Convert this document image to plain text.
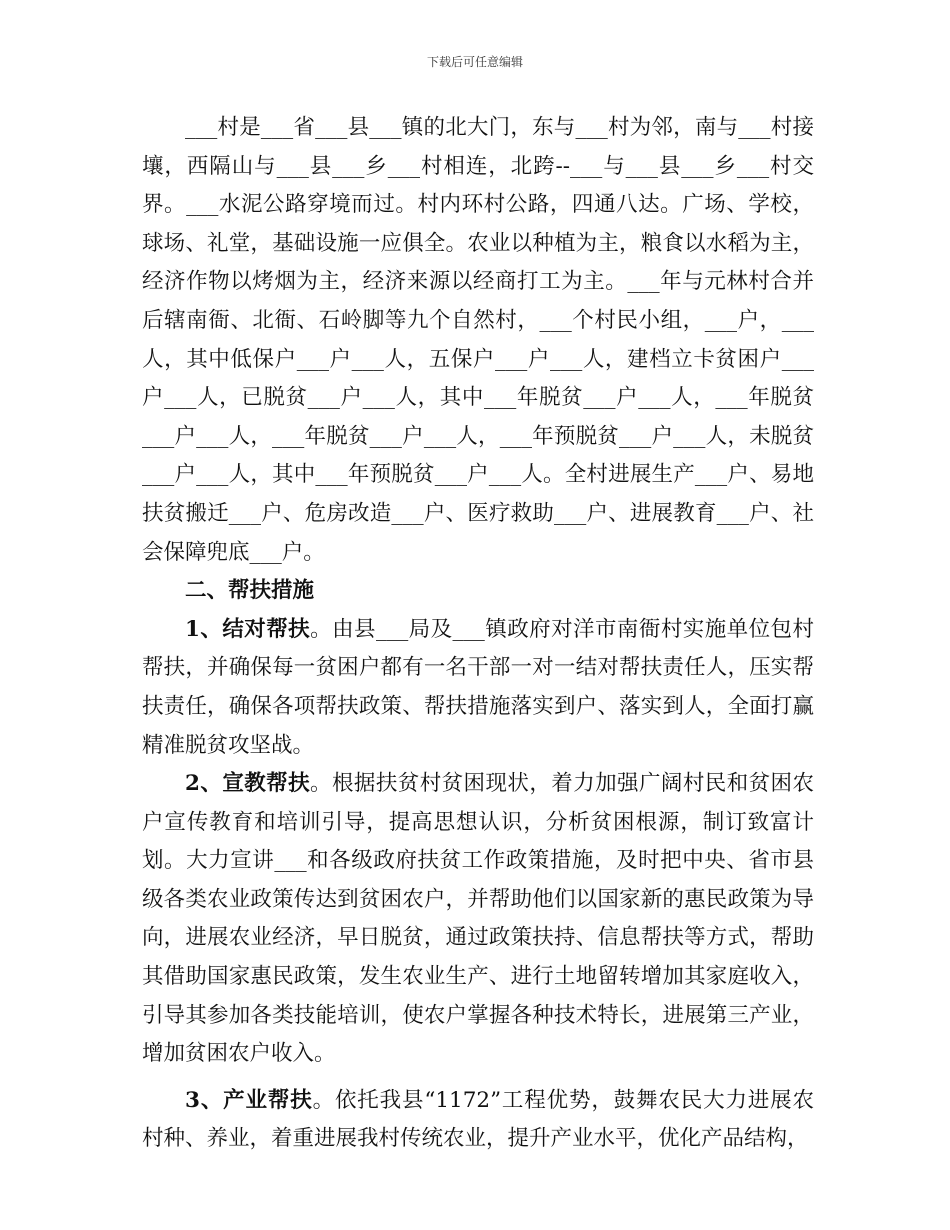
下载后可任意编辑

___村是___省___县___镇的北大门，东与___村为邻，南与___村接壤，西隔山与___县___乡___村相连，北跨--___与___县___乡___村交界。___水泥公路穿境而过。村内环村公路，四通八达。广场、学校，球场、礼堂，基础设施一应俱全。农业以种植为主，粮食以水稻为主，经济作物以烤烟为主，经济来源以经商打工为主。___年与元林村合并后辖南衙、北衙、石岭脚等九个自然村，___个村民小组，___户，___人，其中低保户___户___人，五保户___户___人，建档立卡贫困户___户___人，已脱贫___户___人，其中___年脱贫___户___人，___年脱贫___户___人，___年脱贫___户___人，___年预脱贫___户___人，未脱贫___户___人，其中___年预脱贫___户___人。全村进展生产___户、易地扶贫搬迁___户、危房改造___户、医疗救助___户、进展教育___户、社会保障兜底___户。

二、帮扶措施

1、结对帮扶。由县___局及___镇政府对洋市南衙村实施单位包村帮扶，并确保每一贫困户都有一名干部一对一结对帮扶责任人，压实帮扶责任，确保各项帮扶政策、帮扶措施落实到户、落实到人，全面打赢精准脱贫攻坚战。

2、宣教帮扶。根据扶贫村贫困现状，着力加强广阔村民和贫困农户宣传教育和培训引导，提高思想认识，分析贫困根源，制订致富计划。大力宣讲___和各级政府扶贫工作政策措施，及时把中央、省市县级各类农业政策传达到贫困农户，并帮助他们以国家新的惠民政策为导向，进展农业经济，早日脱贫，通过政策扶持、信息帮扶等方式，帮助其借助国家惠民政策，发生农业生产、进行土地留转增加其家庭收入，引导其参加各类技能培训，使农户掌握各种技术特长，进展第三产业，增加贫困农户收入。

3、产业帮扶。依托我县“1172”工程优势，鼓舞农民大力进展农村种、养业，着重进展我村传统农业，提升产业水平，优化产品结构，
